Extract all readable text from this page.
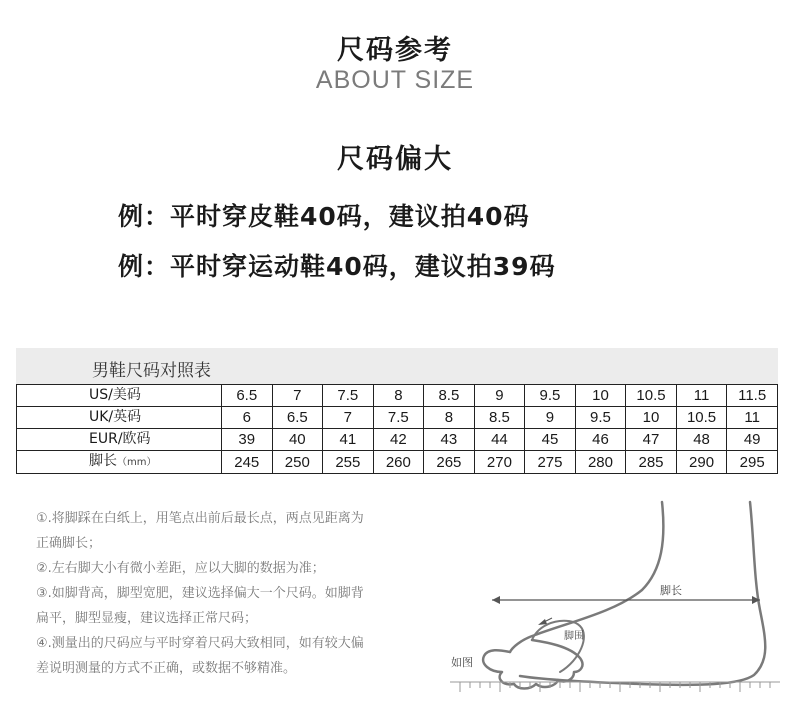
尺码参考
ABOUT SIZE
尺码偏大
例：平时穿皮鞋40码，建议拍40码
例：平时穿运动鞋40码，建议拍39码
男鞋尺码对照表
US/美码	6.5	7	7.5	8	8.5	9	9.5	10	10.5	11	11.5
UK/英码	6	6.5	7	7.5	8	8.5	9	9.5	10	10.5	11
EUR/欧码	39	40	41	42	43	44	45	46	47	48	49
脚长（mm）	245	250	255	260	265	270	275	280	285	290	295
①.将脚踩在白纸上，用笔点出前后最长点，两点见距离为
正确脚长；
②.左右脚大小有微小差距，应以大脚的数据为准；
③.如脚背高，脚型宽肥，建议选择偏大一个尺码。如脚背
扁平，脚型显瘦，建议选择正常尺码；
④.测量出的尺码应与平时穿着尺码大致相同，如有较大偏
差说明测量的方式不正确，或数据不够精准。
脚长
脚围
如图
